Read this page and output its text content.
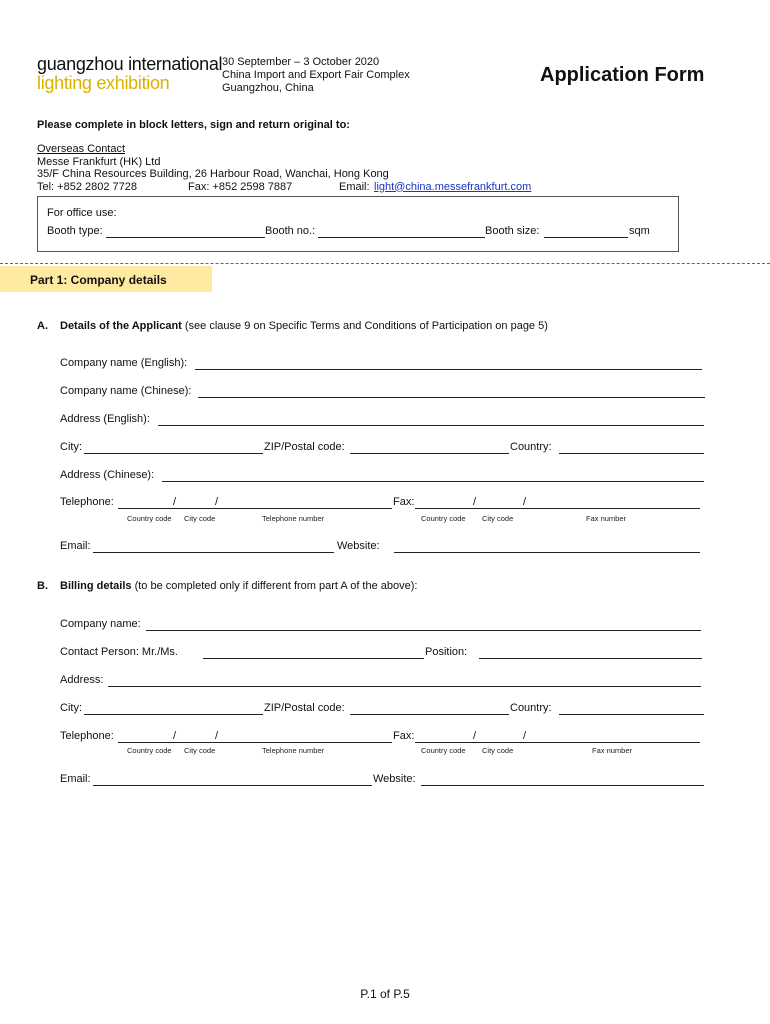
guangzhou international
lighting exhibition
30 September – 3 October 2020
China Import and Export Fair Complex
Guangzhou, China
Application Form
Please complete in block letters, sign and return original to:
Overseas Contact
Messe Frankfurt (HK) Ltd
35/F China Resources Building, 26 Harbour Road, Wanchai, Hong Kong
Tel: +852 2802 7728	Fax: +852 2598 7887	Email: light@china.messefrankfurt.com
For office use:
Booth type:	Booth no.:	Booth size:	sqm
Part 1: Company details
A. Details of the Applicant (see clause 9 on Specific Terms and Conditions of Participation on page 5)
Company name (English):
Company name (Chinese):
Address (English):
City:	ZIP/Postal code:	Country:
Address (Chinese):
Telephone:	/	/	Fax:	/	/
Country code City code	Telephone number	Country code City code	Fax number
Email:	Website:
B. Billing details (to be completed only if different from part A of the above):
Company name:
Contact Person: Mr./Ms.	Position:
Address:
City:	ZIP/Postal code:	Country:
Telephone:	/	/	Fax:	/	/
Country code City code	Telephone number	Country code City code	Fax number
Email:	Website:
P.1 of P.5
